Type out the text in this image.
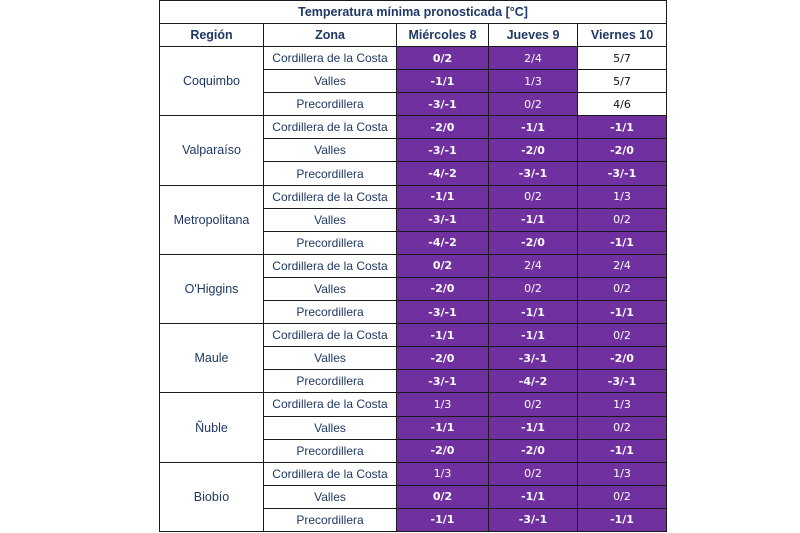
Temperatura mínima pronosticada [°C]				
Región	Zona	Miércoles 8	Jueves 9	Viernes 10
Coquimbo	Cordillera de la Costa	0/2	2/4	5/7
	Valles	-1/1	1/3	5/7
	Precordillera	-3/-1	0/2	4/6
Valparaíso	Cordillera de la Costa	-2/0	-1/1	-1/1
	Valles	-3/-1	-2/0	-2/0
	Precordillera	-4/-2	-3/-1	-3/-1
Metropolitana	Cordillera de la Costa	-1/1	0/2	1/3
	Valles	-3/-1	-1/1	0/2
	Precordillera	-4/-2	-2/0	-1/1
O'Higgins	Cordillera de la Costa	0/2	2/4	2/4
	Valles	-2/0	0/2	0/2
	Precordillera	-3/-1	-1/1	-1/1
Maule	Cordillera de la Costa	-1/1	-1/1	0/2
	Valles	-2/0	-3/-1	-2/0
	Precordillera	-3/-1	-4/-2	-3/-1
Ñuble	Cordillera de la Costa	1/3	0/2	1/3
	Valles	-1/1	-1/1	0/2
	Precordillera	-2/0	-2/0	-1/1
Biobío	Cordillera de la Costa	1/3	0/2	1/3
	Valles	0/2	-1/1	0/2
	Precordillera	-1/1	-3/-1	-1/1
